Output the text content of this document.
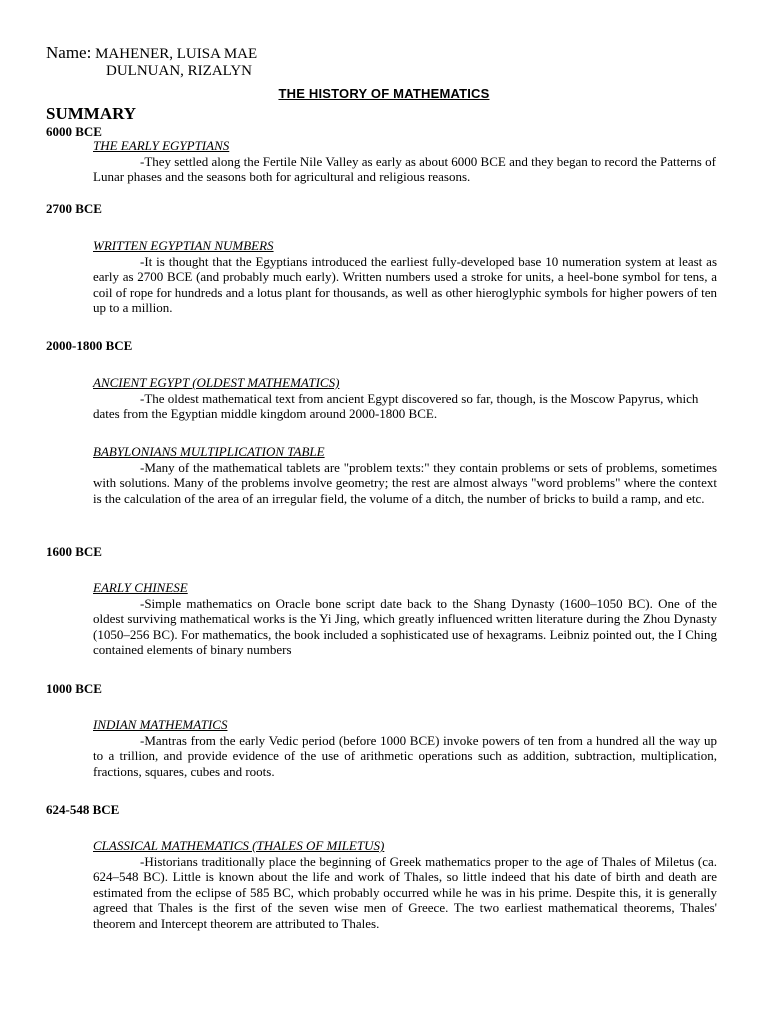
Name: MAHENER, LUISA MAE
DULNUAN, RIZALYN
THE HISTORY OF MATHEMATICS
SUMMARY
6000 BCE
THE EARLY EGYPTIANS

-They settled along the Fertile Nile Valley as early as about 6000 BCE and they began to record the Patterns of Lunar phases and the seasons both for agricultural and religious reasons.

2700 BCE
WRITTEN EGYPTIAN NUMBERS

-It is thought that the Egyptians introduced the earliest fully-developed base 10 numeration system at least as early as 2700 BCE (and probably much early). Written numbers used a stroke for units, a heel-bone symbol for tens, a coil of rope for hundreds and a lotus plant for thousands, as well as other hieroglyphic symbols for higher powers of ten up to a million.

2000-1800 BCE
ANCIENT EGYPT (OLDEST MATHEMATICS)

-The oldest mathematical text from ancient Egypt discovered so far, though, is the Moscow Papyrus, which dates from the Egyptian middle kingdom around 2000-1800 BCE.

BABYLONIANS MULTIPLICATION TABLE

-Many of the mathematical tablets are "problem texts:" they contain problems or sets of problems, sometimes with solutions. Many of the problems involve geometry; the rest are almost always "word problems" where the context is the calculation of the area of an irregular field, the volume of a ditch, the number of bricks to build a ramp, and etc.

1600 BCE
EARLY CHINESE

-Simple mathematics on Oracle bone script date back to the Shang Dynasty (1600–1050 BC). One of the oldest surviving mathematical works is the Yi Jing, which greatly influenced written literature during the Zhou Dynasty (1050–256 BC). For mathematics, the book included a sophisticated use of hexagrams. Leibniz pointed out, the I Ching contained elements of binary numbers

1000 BCE
INDIAN MATHEMATICS

-Mantras from the early Vedic period (before 1000 BCE) invoke powers of ten from a hundred all the way up to a trillion, and provide evidence of the use of arithmetic operations such as addition, subtraction, multiplication, fractions, squares, cubes and roots.

624-548 BCE
CLASSICAL MATHEMATICS (THALES OF MILETUS)

-Historians traditionally place the beginning of Greek mathematics proper to the age of Thales of Miletus (ca. 624–548 BC). Little is known about the life and work of Thales, so little indeed that his date of birth and death are estimated from the eclipse of 585 BC, which probably occurred while he was in his prime. Despite this, it is generally agreed that Thales is the first of the seven wise men of Greece. The two earliest mathematical theorems, Thales' theorem and Intercept theorem are attributed to Thales.
